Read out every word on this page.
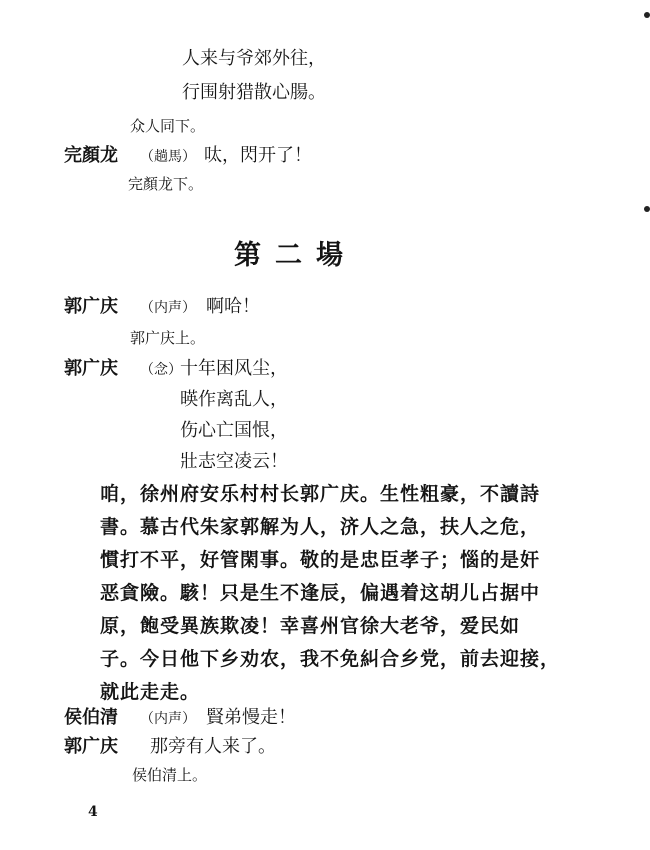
人来与爷郊外往，
行围射猎散心腸。
众人同下。
完顏龙 （趟馬） 呔，閃开了！
完顏龙下。
第二場
郭广庆 （内声） 啊哈！
郭广庆上。
郭广庆 （念）
十年困风尘，
暎作离乱人，
伤心亡国恨，
壯志空凌云！
咱，徐州府安乐村村长郭广庆。生性粗豪，不讀詩
書。慕古代朱家郭解为人，济人之急，扶人之危，
慣打不平，好管閑事。敬的是忠臣孝子；惱的是奸
恶貪險。駭！只是生不逢辰，偏遇着这胡儿占据中
原，飽受異族欺凌！幸喜州官徐大老爷，爱民如
子。今日他下乡劝农，我不免糾合乡党，前去迎接，
就此走走。
侯伯清 （内声） 賢弟慢走！
郭广庆 那旁有人来了。
侯伯清上。
4
